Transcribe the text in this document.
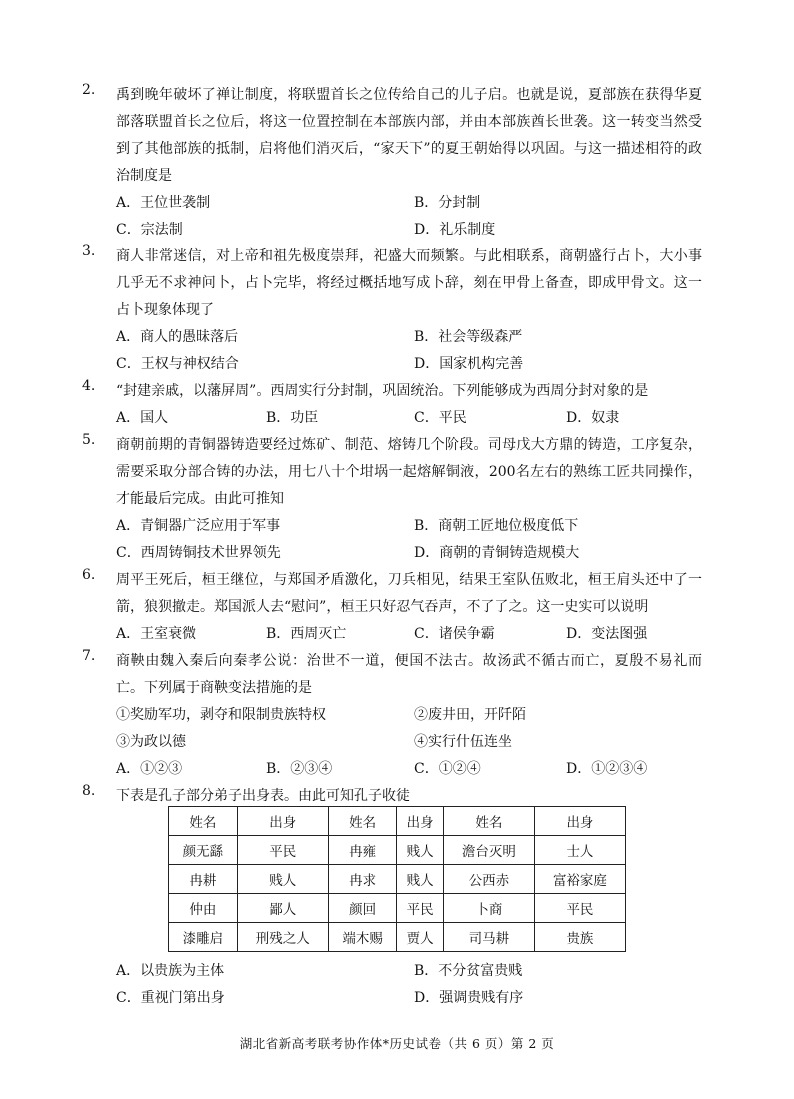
2.	禹到晚年破坏了禅让制度，将联盟首长之位传给自己的儿子启。也就是说，夏部族在获得华夏部落联盟首长之位后，将这一位置控制在本部族内部，并由本部族酋长世袭。这一转变当然受到了其他部族的抵制，启将他们消灭后，“家天下”的夏王朝始得以巩固。与这一描述相符的政治制度是
A．王位世袭制	B．分封制
C．宗法制	D．礼乐制度
3.	商人非常迷信，对上帝和祖先极度崇拜，祀盛大而频繁。与此相联系，商朝盛行占卜，大小事几乎无不求神问卜，占卜完毕，将经过概括地写成卜辞，刻在甲骨上备查，即成甲骨文。这一占卜现象体现了
A．商人的愚昧落后	B．社会等级森严
C．王权与神权结合	D．国家机构完善
4.	“封建亲戚，以藩屏周”。西周实行分封制，巩固统治。下列能够成为西周分封对象的是
A．国人	B．功臣	C．平民	D．奴隶
5.	商朝前期的青铜器铸造要经过炼矿、制范、熔铸几个阶段。司母戊大方鼎的铸造，工序复杂，需要采取分部合铸的办法，用七八十个坩埚一起熔解铜液，200名左右的熟练工匠共同操作，才能最后完成。由此可推知
A．青铜器广泛应用于军事	B．商朝工匠地位极度低下
C．西周铸铜技术世界领先	D．商朝的青铜铸造规模大
6.	周平王死后，桓王继位，与郑国矛盾激化，刀兵相见，结果王室队伍败北，桓王肩头还中了一箭，狼狈撤走。郑国派人去“慰问”，桓王只好忍气吞声，不了了之。这一史实可以说明
A．王室衰微	B．西周灭亡	C．诸侯争霸	D．变法图强
7.	商鞅由魏入秦后向秦孝公说：治世不一道，便国不法古。故汤武不循古而亡，夏殷不易礼而亡。下列属于商鞅变法措施的是
①奖励军功，剥夺和限制贵族特权	②废井田，开阡陌
③为政以德	④实行什伍连坐
A．①②③	B．②③④	C．①②④	D．①②③④
8.	下表是孔子部分弟子出身表。由此可知孔子收徒
姓名	出身	姓名	出身	姓名	出身
颜无繇	平民	冉雍	贱人	澹台灭明	士人
冉耕	贱人	冉求	贱人	公西赤	富裕家庭
仲由	鄙人	颜回	平民	卜商	平民
漆雕启	刑残之人	端木赐	贾人	司马耕	贵族
A．以贵族为主体	B．不分贫富贵贱
C．重视门第出身	D．强调贵贱有序
湖北省新高考联考协作体*历史试卷（共 6 页）第 2 页
